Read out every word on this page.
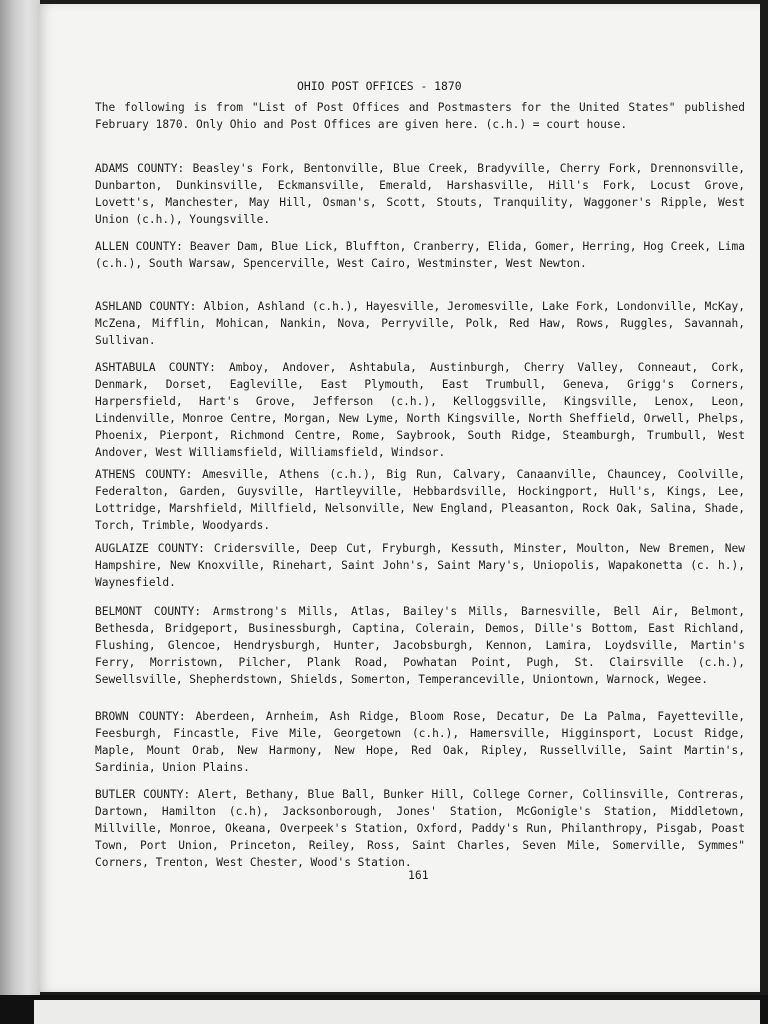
OHIO POST OFFICES - 1870

The following is from "List of Post Offices and Postmasters for the United States" published February 1870. Only Ohio and Post Offices are given here. (c.h.) = court house.

ADAMS COUNTY: Beasley's Fork, Bentonville, Blue Creek, Bradyville, Cherry Fork, Drennonsville, Dunbarton, Dunkinsville, Eckmansville, Emerald, Harshasville, Hill's Fork, Locust Grove, Lovett's, Manchester, May Hill, Osman's, Scott, Stouts, Tranquility, Waggoner's Ripple, West Union (c.h.), Youngsville.

ALLEN COUNTY: Beaver Dam, Blue Lick, Bluffton, Cranberry, Elida, Gomer, Herring, Hog Creek, Lima (c.h.), South Warsaw, Spencerville, West Cairo, Westminster, West Newton.

ASHLAND COUNTY: Albion, Ashland (c.h.), Hayesville, Jeromesville, Lake Fork, Londonville, McKay, McZena, Mifflin, Mohican, Nankin, Nova, Perryville, Polk, Red Haw, Rows, Ruggles, Savannah, Sullivan.

ASHTABULA COUNTY: Amboy, Andover, Ashtabula, Austinburgh, Cherry Valley, Conneaut, Cork, Denmark, Dorset, Eagleville, East Plymouth, East Trumbull, Geneva, Grigg's Corners, Harpersfield, Hart's Grove, Jefferson (c.h.), Kelloggsville, Kingsville, Lenox, Leon, Lindenville, Monroe Centre, Morgan, New Lyme, North Kingsville, North Sheffield, Orwell, Phelps, Phoenix, Pierpont, Richmond Centre, Rome, Saybrook, South Ridge, Steamburgh, Trumbull, West Andover, West Williamsfield, Williamsfield, Windsor.

ATHENS COUNTY: Amesville, Athens (c.h.), Big Run, Calvary, Canaanville, Chauncey, Coolville, Federalton, Garden, Guysville, Hartleyville, Hebbardsville, Hockingport, Hull's, Kings, Lee, Lottridge, Marshfield, Millfield, Nelsonville, New England, Pleasanton, Rock Oak, Salina, Shade, Torch, Trimble, Woodyards.

AUGLAIZE COUNTY: Cridersville, Deep Cut, Fryburgh, Kessuth, Minster, Moulton, New Bremen, New Hampshire, New Knoxville, Rinehart, Saint John's, Saint Mary's, Uniopolis, Wapakonetta (c. h.), Waynesfield.

BELMONT COUNTY: Armstrong's Mills, Atlas, Bailey's Mills, Barnesville, Bell Air, Belmont, Bethesda, Bridgeport, Businessburgh, Captina, Colerain, Demos, Dille's Bottom, East Richland, Flushing, Glencoe, Hendrysburgh, Hunter, Jacobsburgh, Kennon, Lamira, Loydsville, Martin's Ferry, Morristown, Pilcher, Plank Road, Powhatan Point, Pugh, St. Clairsville (c.h.), Sewellsville, Shepherdstown, Shields, Somerton, Temperanceville, Uniontown, Warnock, Wegee.

BROWN COUNTY: Aberdeen, Arnheim, Ash Ridge, Bloom Rose, Decatur, De La Palma, Fayetteville, Feesburgh, Fincastle, Five Mile, Georgetown (c.h.), Hamersville, Higginsport, Locust Ridge, Maple, Mount Orab, New Harmony, New Hope, Red Oak, Ripley, Russellville, Saint Martin's, Sardinia, Union Plains.

BUTLER COUNTY: Alert, Bethany, Blue Ball, Bunker Hill, College Corner, Collinsville, Contreras, Dartown, Hamilton (c.h), Jacksonborough, Jones' Station, McGonigle's Station, Middletown, Millville, Monroe, Okeana, Overpeek's Station, Oxford, Paddy's Run, Philanthropy, Pisgab, Poast Town, Port Union, Princeton, Reiley, Ross, Saint Charles, Seven Mile, Somerville, Symmes" Corners, Trenton, West Chester, Wood's Station.

161
